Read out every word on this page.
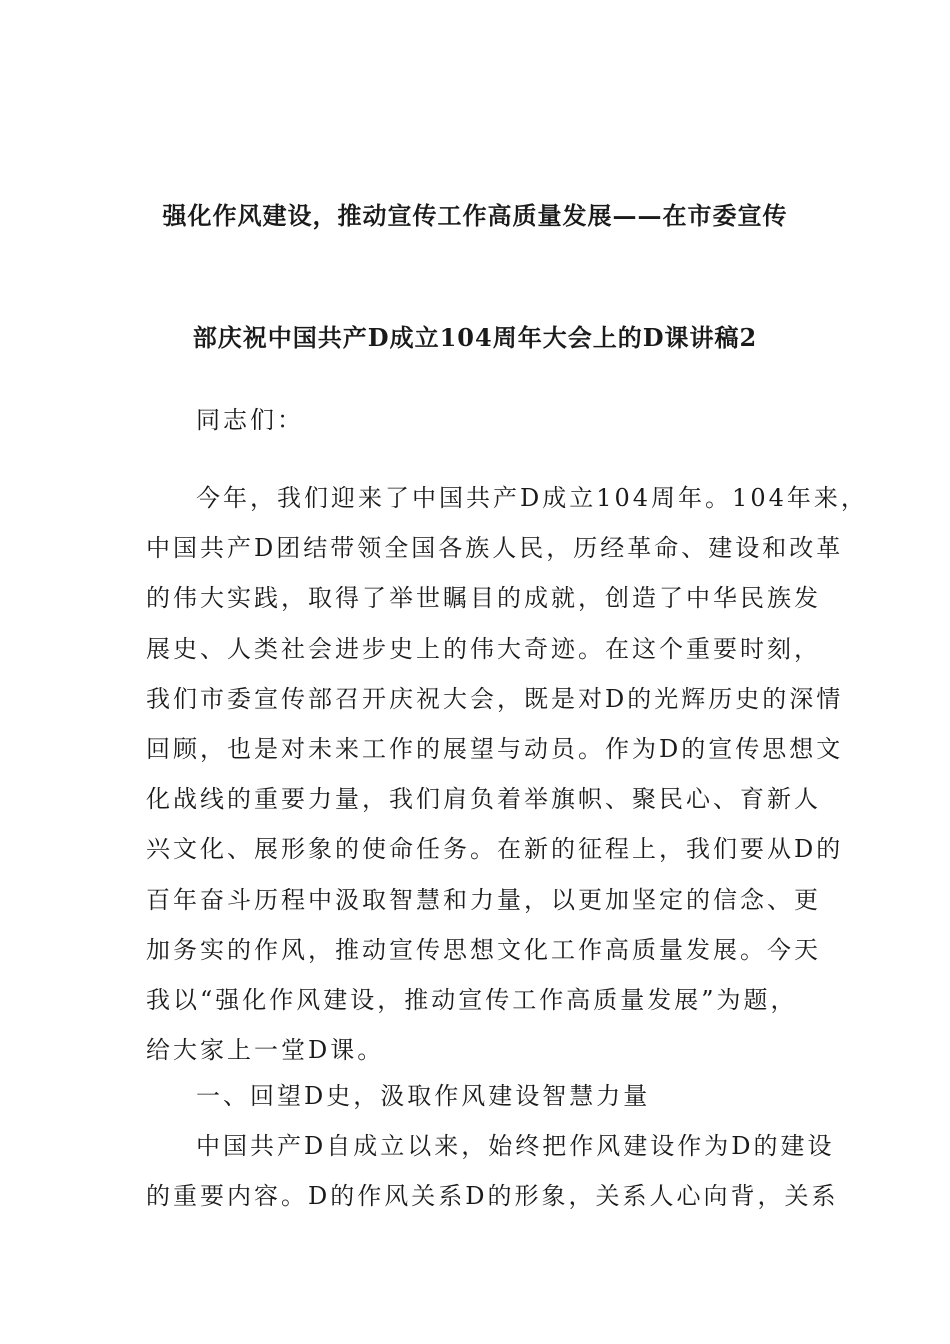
强化作风建设，推动宣传工作高质量发展——在市委宣传
部庆祝中国共产D成立104周年大会上的D课讲稿2
同志们：
今年，我们迎来了中国共产D成立104周年。104年来，
中国共产D团结带领全国各族人民，历经革命、建设和改革
的伟大实践，取得了举世瞩目的成就，创造了中华民族发
展史、人类社会进步史上的伟大奇迹。在这个重要时刻，
我们市委宣传部召开庆祝大会，既是对D的光辉历史的深情
回顾，也是对未来工作的展望与动员。作为D的宣传思想文
化战线的重要力量，我们肩负着举旗帜、聚民心、育新人
兴文化、展形象的使命任务。在新的征程上，我们要从D的
百年奋斗历程中汲取智慧和力量，以更加坚定的信念、更
加务实的作风，推动宣传思想文化工作高质量发展。今天
我以“强化作风建设，推动宣传工作高质量发展”为题，
给大家上一堂D课。
一、回望D史，汲取作风建设智慧力量
中国共产D自成立以来，始终把作风建设作为D的建设
的重要内容。D的作风关系D的形象，关系人心向背，关系
